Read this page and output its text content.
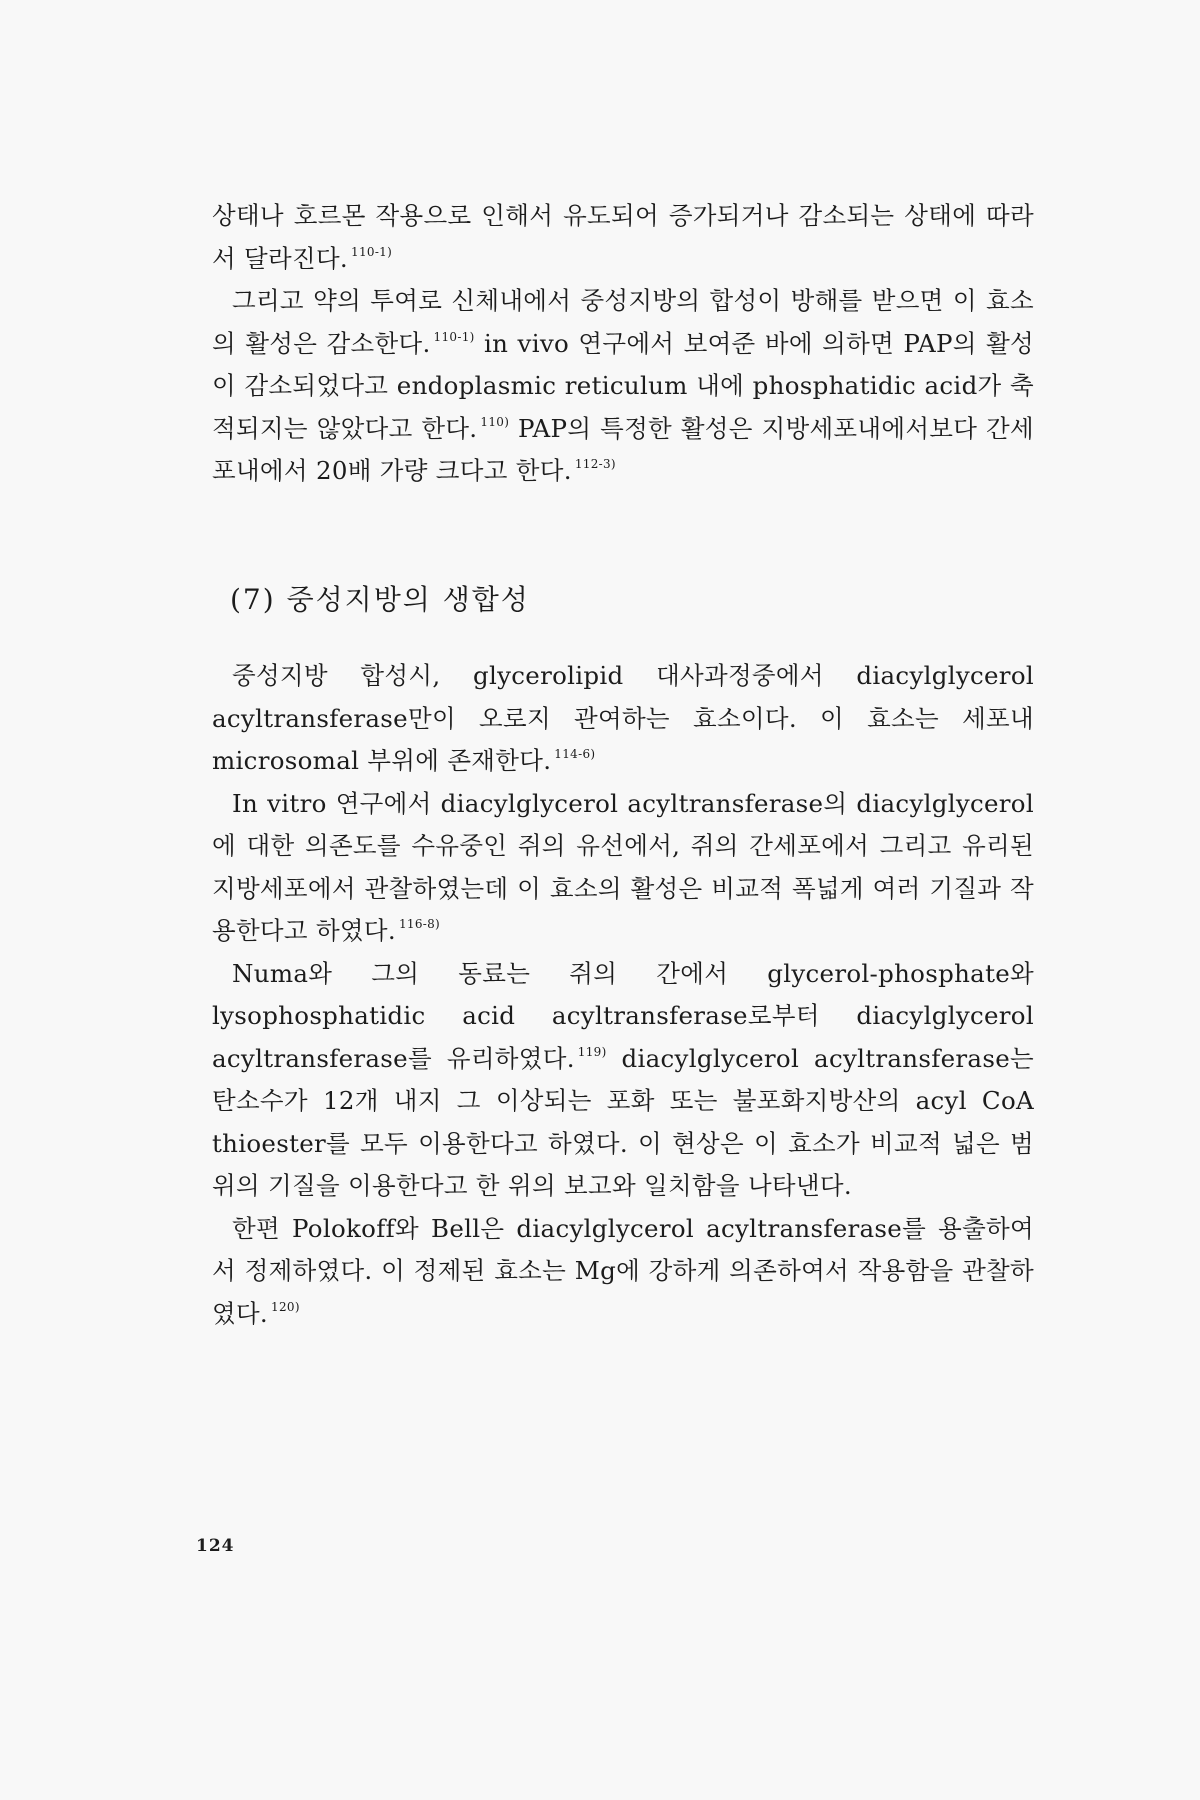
상태나 호르몬 작용으로 인해서 유도되어 증가되거나 감소되는 상태에 따라서 달라진다. $^{110-1)}$

그리고 약의 투여로 신체내에서 중성지방의 합성이 방해를 받으면 이 효소의 활성은 감소한다. $^{110-1)}$ in vivo 연구에서 보여준 바에 의하면 PAP의 활성이 감소되었다고 endoplasmic reticulum 내에 phosphatidic acid가 축적되지는 않았다고 한다. $^{110)}$ PAP의 특정한 활성은 지방세포내에서보다 간세포내에서 20배 가량 크다고 한다. $^{112-3)}$

(7) 중성지방의 생합성

중성지방 합성시, glycerolipid 대사과정중에서 diacylglycerol acyltransferase만이 오로지 관여하는 효소이다. 이 효소는 세포내 microsomal 부위에 존재한다. $^{114-6)}$

In vitro 연구에서 diacylglycerol acyltransferase의 diacylglycerol에 대한 의존도를 수유중인 쥐의 유선에서, 쥐의 간세포에서 그리고 유리된 지방세포에서 관찰하였는데 이 효소의 활성은 비교적 폭넓게 여러 기질과 작용한다고 하였다. $^{116-8)}$

Numa와 그의 동료는 쥐의 간에서 glycerol-phosphate와 lysophosphatidic acid acyltransferase로부터 diacylglycerol acyltransferase를 유리하였다. $^{119)}$ diacylglycerol acyltransferase는 탄소수가 12개 내지 그 이상되는 포화 또는 불포화지방산의 acyl CoA thioester를 모두 이용한다고 하였다. 이 현상은 이 효소가 비교적 넓은 범위의 기질을 이용한다고 한 위의 보고와 일치함을 나타낸다.

한편 Polokoff와 Bell은 diacylglycerol acyltransferase를 용출하여서 정제하였다. 이 정제된 효소는 Mg에 강하게 의존하여서 작용함을 관찰하였다. $^{120)}$

124
